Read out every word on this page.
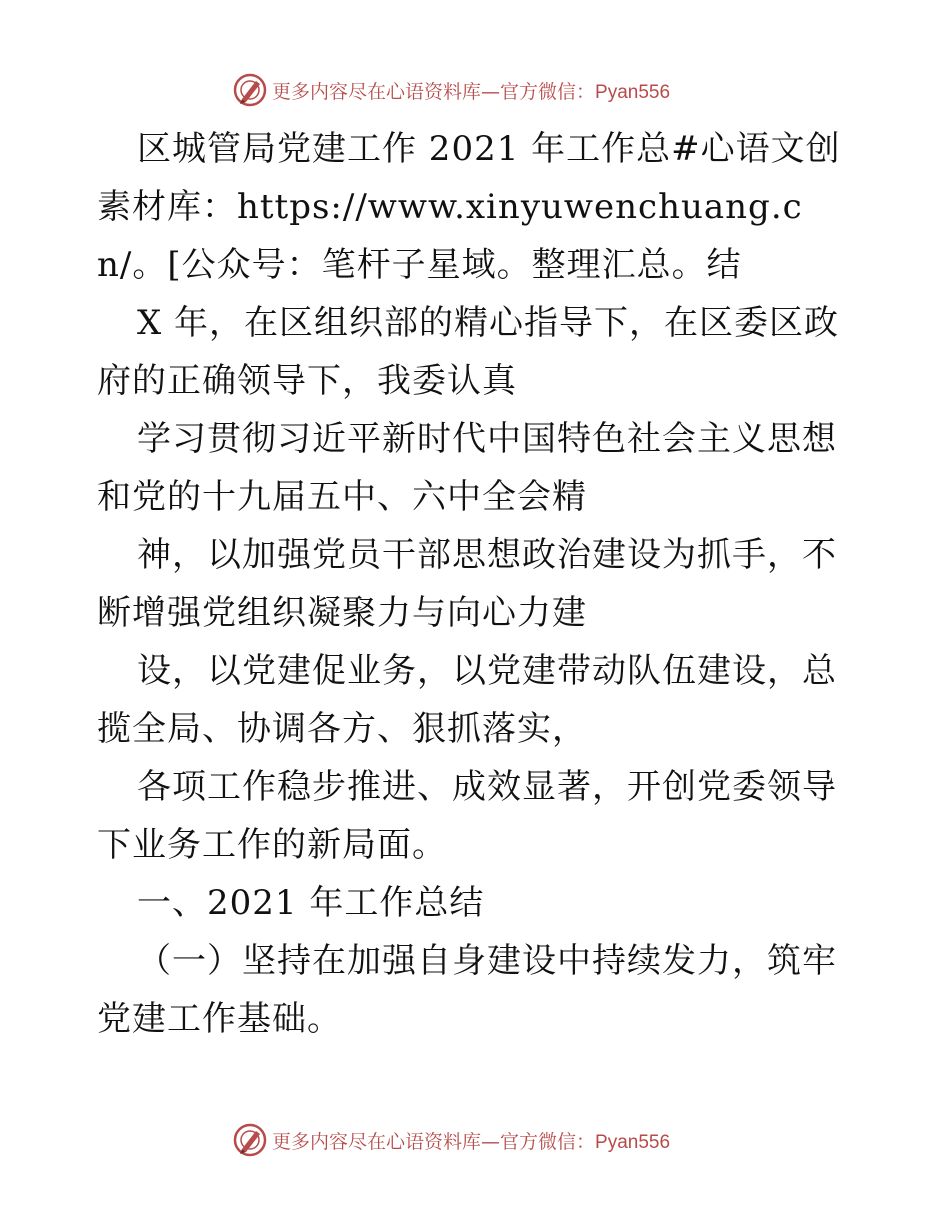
更多内容尽在心语资料库—官方微信：Pyan556

区城管局党建工作 2021 年工作总#心语文创素材库：https://www.xinyuwenchuang.cn/。[公众号：笔杆子星域。整理汇总。结

X 年，在区组织部的精心指导下，在区委区政府的正确领导下，我委认真

学习贯彻习近平新时代中国特色社会主义思想和党的十九届五中、六中全会精

神，以加强党员干部思想政治建设为抓手，不断增强党组织凝聚力与向心力建

设，以党建促业务，以党建带动队伍建设，总揽全局、协调各方、狠抓落实，

各项工作稳步推进、成效显著，开创党委领导下业务工作的新局面。

一、2021 年工作总结

（一）坚持在加强自身建设中持续发力，筑牢党建工作基础。

更多内容尽在心语资料库—官方微信：Pyan556
